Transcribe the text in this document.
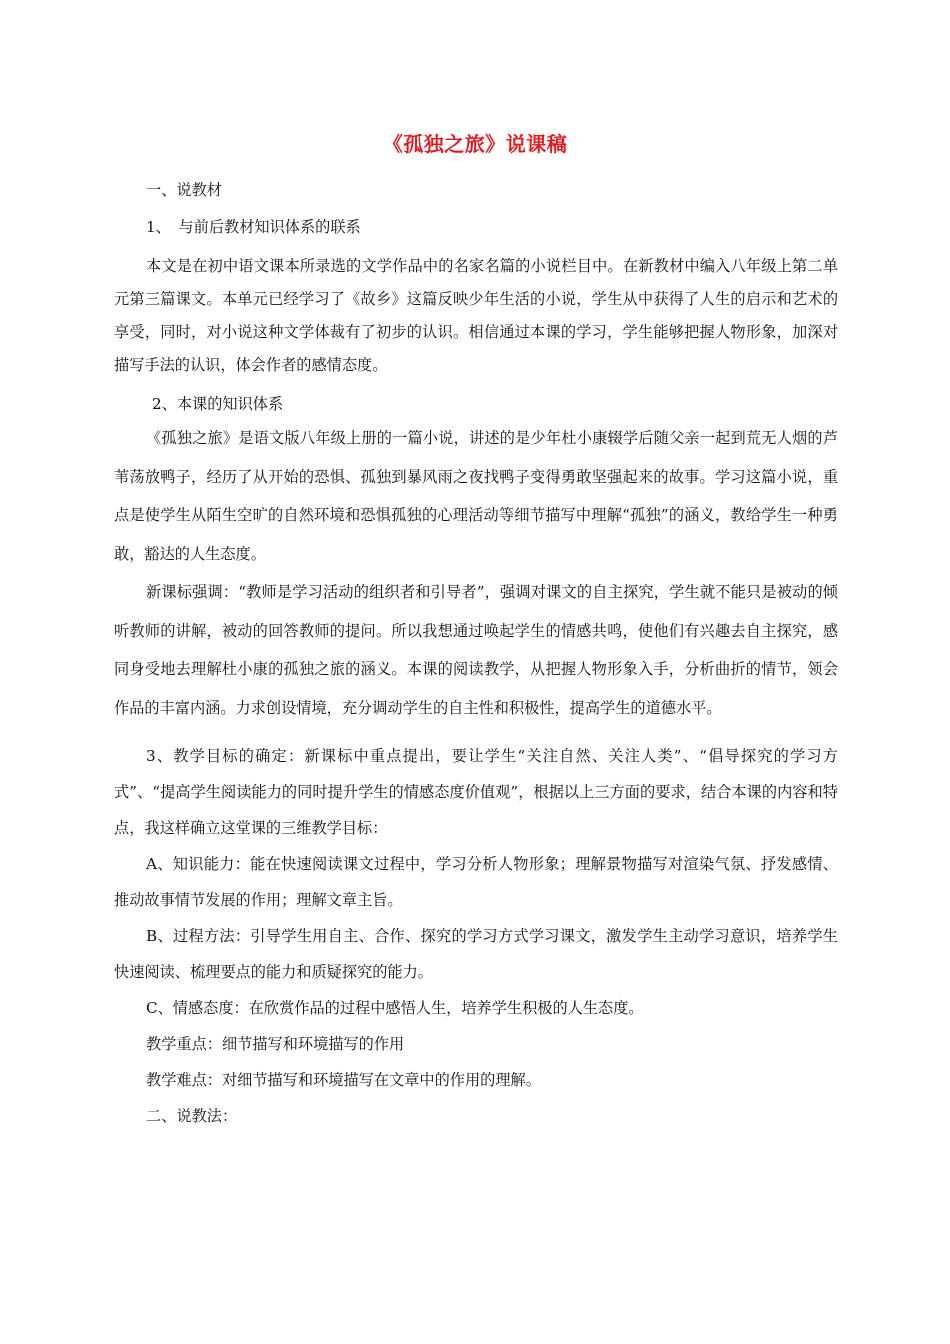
《孤独之旅》说课稿

一、说教材

1、　与前后教材知识体系的联系

本文是在初中语文课本所录选的文学作品中的名家名篇的小说栏目中。在新教材中编入八年级上第二单元第三篇课文。本单元已经学习了《故乡》这篇反映少年生活的小说，学生从中获得了人生的启示和艺术的享受，同时，对小说这种文学体裁有了初步的认识。相信通过本课的学习，学生能够把握人物形象，加深对描写手法的认识，体会作者的感情态度。

2、本课的知识体系

《孤独之旅》是语文版八年级上册的一篇小说，讲述的是少年杜小康辍学后随父亲一起到荒无人烟的芦苇荡放鸭子，经历了从开始的恐惧、孤独到暴风雨之夜找鸭子变得勇敢坚强起来的故事。学习这篇小说，重点是使学生从陌生空旷的自然环境和恐惧孤独的心理活动等细节描写中理解“孤独”的涵义，教给学生一种勇敢，豁达的人生态度。

新课标强调：“教师是学习活动的组织者和引导者”，强调对课文的自主探究，学生就不能只是被动的倾听教师的讲解，被动的回答教师的提问。所以我想通过唤起学生的情感共鸣，使他们有兴趣去自主探究，感同身受地去理解杜小康的孤独之旅的涵义。本课的阅读教学，从把握人物形象入手，分析曲折的情节，领会作品的丰富内涵。力求创设情境，充分调动学生的自主性和积极性，提高学生的道德水平。

3、教学目标的确定：新课标中重点提出，要让学生“关注自然、关注人类”、“倡导探究的学习方式”、“提高学生阅读能力的同时提升学生的情感态度价值观”，根据以上三方面的要求，结合本课的内容和特点，我这样确立这堂课的三维教学目标：

A、知识能力：能在快速阅读课文过程中，学习分析人物形象；理解景物描写对渲染气氛、抒发感情、推动故事情节发展的作用；理解文章主旨。

B、过程方法：引导学生用自主、合作、探究的学习方式学习课文，激发学生主动学习意识，培养学生快速阅读、梳理要点的能力和质疑探究的能力。

C、情感态度：在欣赏作品的过程中感悟人生，培养学生积极的人生态度。

教学重点：细节描写和环境描写的作用

教学难点：对细节描写和环境描写在文章中的作用的理解。

二、说教法：
